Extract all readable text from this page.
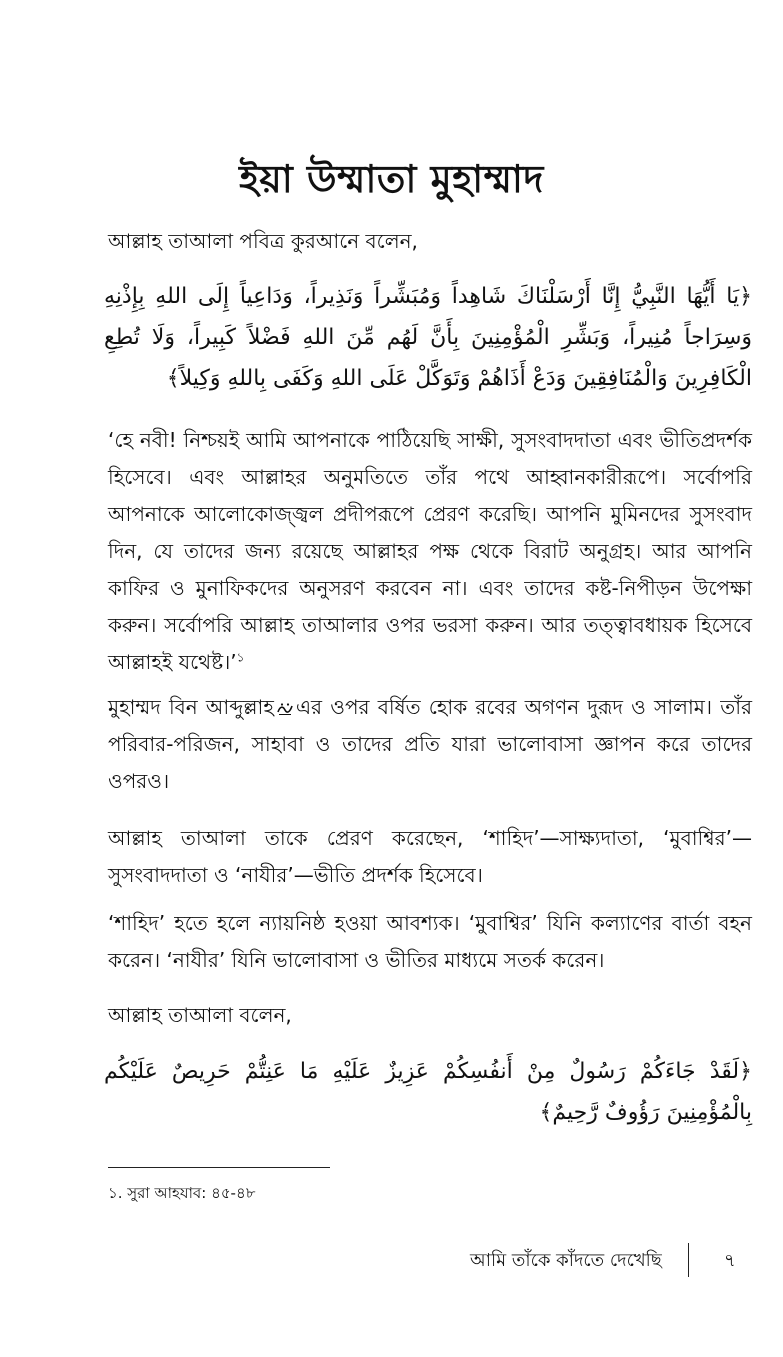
ইয়া উম্মাতা মুহাম্মাদ

আল্লাহ তাআলা পবিত্র কুরআনে বলেন,

﴿يَا أَيُّهَا النَّبِيُّ إِنَّا أَرْسَلْنَاكَ شَاهِداً وَمُبَشِّراً وَنَذِيراً، وَدَاعِياً إِلَى اللهِ بِإِذْنِهِ وَسِرَاجاً مُنِيراً، وَبَشِّرِ الْمُؤْمِنِينَ بِأَنَّ لَهُم مِّنَ اللهِ فَضْلاً كَبِيراً، وَلَا تُطِعِ الْكَافِرِينَ وَالْمُنَافِقِينَ وَدَعْ أَذَاهُمْ وَتَوَكَّلْ عَلَى اللهِ وَكَفَى بِاللهِ وَكِيلاً﴾

‘হে নবী! নিশ্চয়ই আমি আপনাকে পাঠিয়েছি সাক্ষী, সুসংবাদদাতা এবং ভীতিপ্রদর্শক হিসেবে। এবং আল্লাহর অনুমতিতে তাঁর পথে আহ্বানকারীরূপে। সর্বোপরি আপনাকে আলোকোজ্জ্বল প্রদীপরূপে প্রেরণ করেছি। আপনি মুমিনদের সুসংবাদ দিন, যে তাদের জন্য রয়েছে আল্লাহর পক্ষ থেকে বিরাট অনুগ্রহ। আর আপনি কাফির ও মুনাফিকদের অনুসরণ করবেন না। এবং তাদের কষ্ট-নিপীড়ন উপেক্ষা করুন। সর্বোপরি আল্লাহ তাআলার ওপর ভরসা করুন। আর তত্ত্বাবধায়ক হিসেবে আল্লাহই যথেষ্ট।’$^১$

মুহাম্মদ বিন আব্দুল্লাহ এর ওপর বর্ষিত হোক রবের অগণন দুরূদ ও সালাম। তাঁর পরিবার-পরিজন, সাহাবা ও তাদের প্রতি যারা ভালোবাসা জ্ঞাপন করে তাদের ওপরও।

আল্লাহ তাআলা তাকে প্রেরণ করেছেন, ‘শাহিদ’—সাক্ষ্যদাতা, ‘মুবাশ্বির’—সুসংবাদদাতা ও ‘নাযীর’—ভীতি প্রদর্শক হিসেবে।

‘শাহিদ’ হতে হলে ন্যায়নিষ্ঠ হওয়া আবশ্যক। ‘মুবাশ্বির’ যিনি কল্যাণের বার্তা বহন করেন। ‘নাযীর’ যিনি ভালোবাসা ও ভীতির মাধ্যমে সতর্ক করেন।

আল্লাহ তাআলা বলেন,

﴿لَقَدْ جَاءَكُمْ رَسُولٌ مِنْ أَنفُسِكُمْ عَزِيزٌ عَلَيْهِ مَا عَنِتُّمْ حَرِيصٌ عَلَيْكُم بِالْمُؤْمِنِينَ رَؤُوفٌ رَّحِيمٌ﴾

১. সুরা আহযাব: ৪৫-৪৮

আমি তাঁকে কাঁদতে দেখেছি	৭
